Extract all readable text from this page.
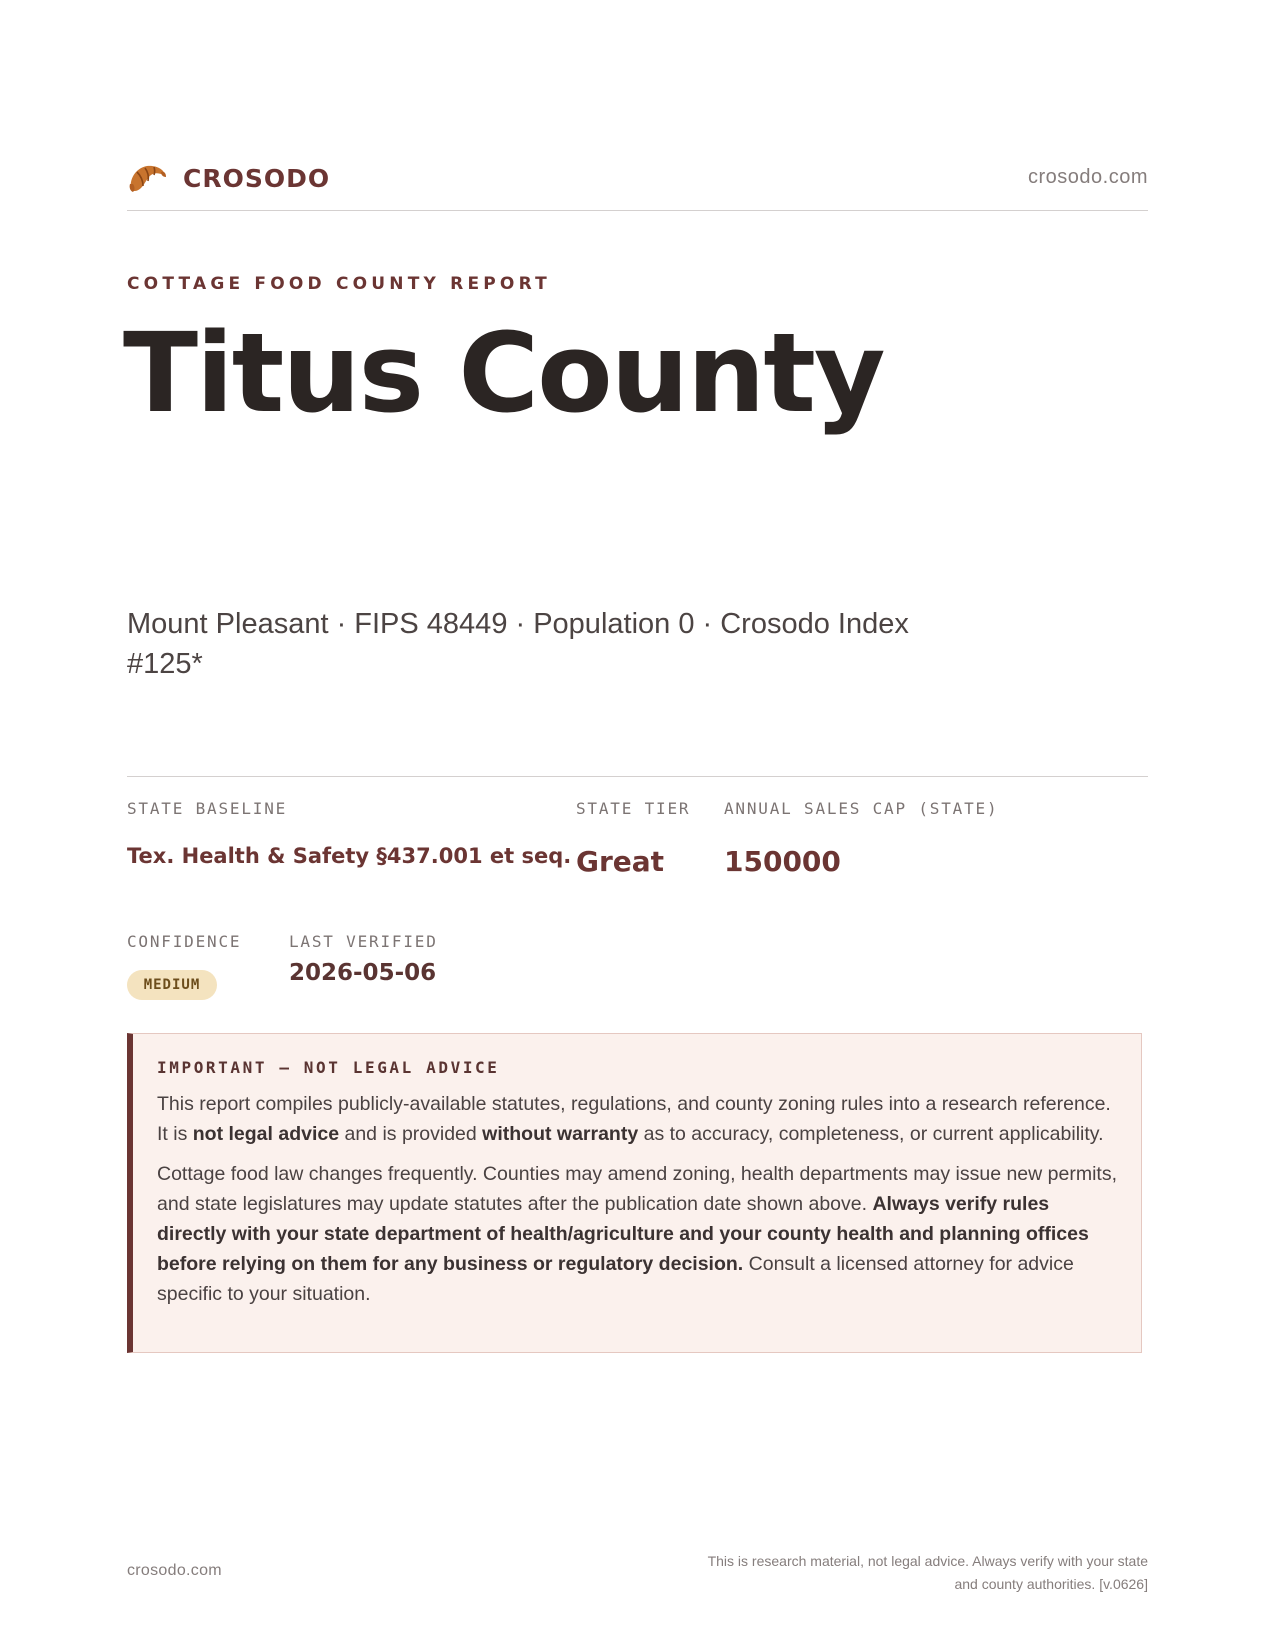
CROSODO	crosodo.com
COTTAGE FOOD COUNTY REPORT
Titus County
Mount Pleasant · FIPS 48449 · Population 0 · Crosodo Index #125*
STATE BASELINE
Tex. Health & Safety §437.001 et seq.
STATE TIER
Great
ANNUAL SALES CAP (STATE)
150000
CONFIDENCE
MEDIUM
LAST VERIFIED
2026-05-06
IMPORTANT — NOT LEGAL ADVICE

This report compiles publicly-available statutes, regulations, and county zoning rules into a research reference. It is not legal advice and is provided without warranty as to accuracy, completeness, or current applicability.

Cottage food law changes frequently. Counties may amend zoning, health departments may issue new permits, and state legislatures may update statutes after the publication date shown above. Always verify rules directly with your state department of health/agriculture and your county health and planning offices before relying on them for any business or regulatory decision. Consult a licensed attorney for advice specific to your situation.

crosodo.com
This is research material, not legal advice. Always verify with your state
and county authorities. [v.0626]
